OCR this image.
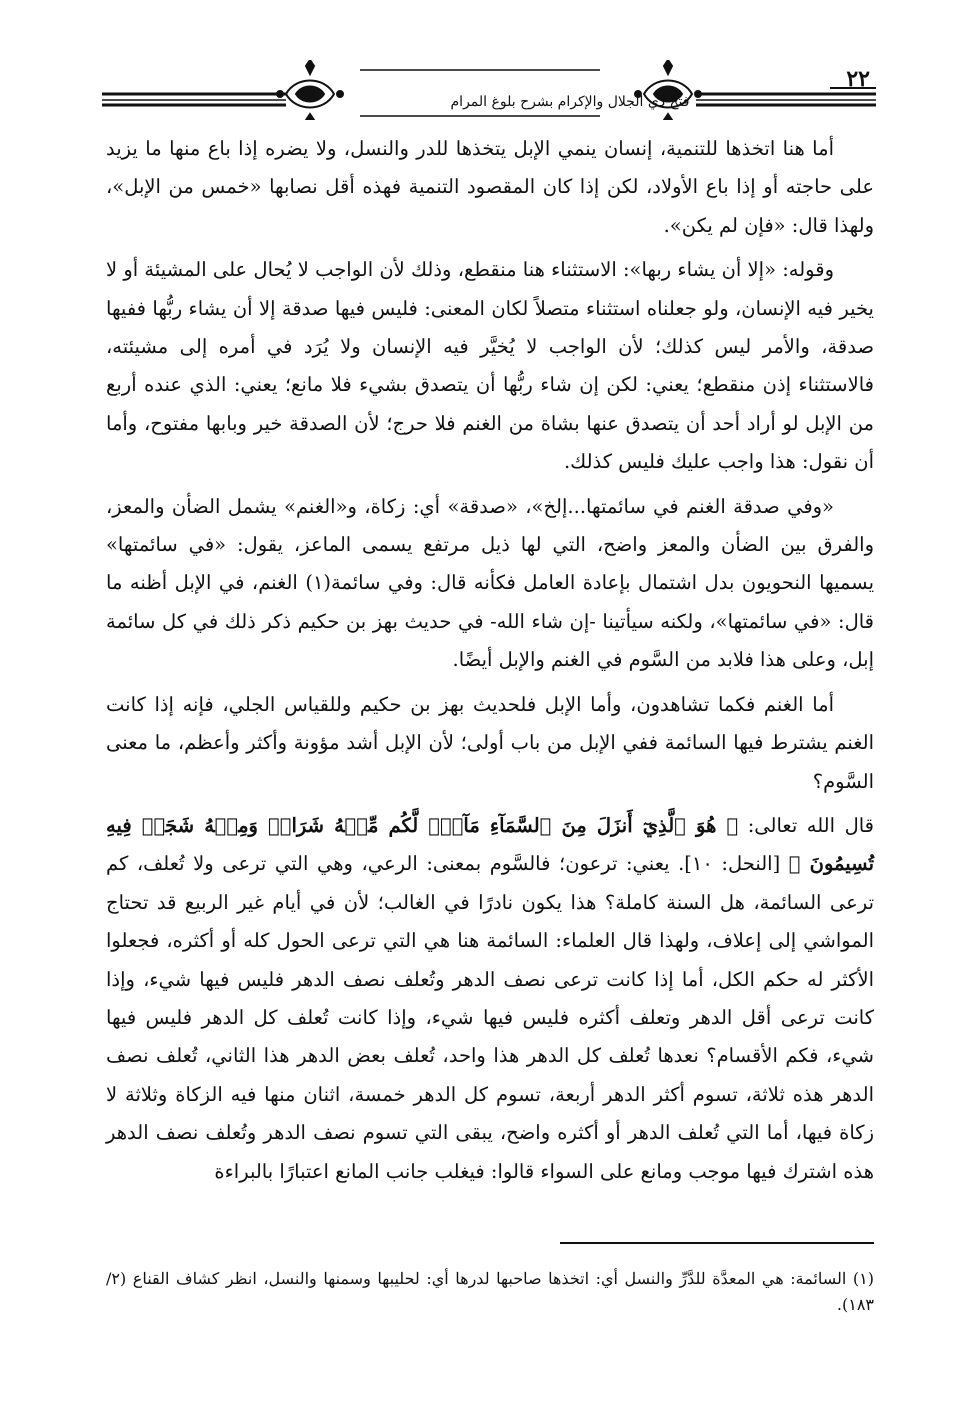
فتح ذي الجلال والإكرام بشرح بلوغ المرام
٢٢

أما هنا اتخذها للتنمية، إنسان ينمي الإبل يتخذها للدر والنسل، ولا يضره إذا باع منها ما يزيد على حاجته أو إذا باع الأولاد، لكن إذا كان المقصود التنمية فهذه أقل نصابها «خمس من الإبل»، ولهذا قال: «فإن لم يكن».

وقوله: «إلا أن يشاء ربها»: الاستثناء هنا منقطع، وذلك لأن الواجب لا يُحال على المشيئة أو لا يخير فيه الإنسان، ولو جعلناه استثناء متصلاً لكان المعنى: فليس فيها صدقة إلا أن يشاء ربُّها ففيها صدقة، والأمر ليس كذلك؛ لأن الواجب لا يُخيَّر فيه الإنسان ولا يُرَد في أمره إلى مشيئته، فالاستثناء إذن منقطع؛ يعني: لكن إن شاء ربُّها أن يتصدق بشيء فلا مانع؛ يعني: الذي عنده أربع من الإبل لو أراد أحد أن يتصدق عنها بشاة من الغنم فلا حرج؛ لأن الصدقة خير وبابها مفتوح، وأما أن نقول: هذا واجب عليك فليس كذلك.

«وفي صدقة الغنم في سائمتها...إلخ»، «صدقة» أي: زكاة، و«الغنم» يشمل الضأن والمعز، والفرق بين الضأن والمعز واضح، التي لها ذيل مرتفع يسمى الماعز، يقول: «في سائمتها» يسميها النحويون بدل اشتمال بإعادة العامل فكأنه قال: وفي سائمة(١) الغنم، في الإبل أظنه ما قال: «في سائمتها»، ولكنه سيأتينا -إن شاء الله- في حديث بهز بن حكيم ذكر ذلك في كل سائمة إبل، وعلى هذا فلابد من السَّوم في الغنم والإبل أيضًا.

أما الغنم فكما تشاهدون، وأما الإبل فلحديث بهز بن حكيم وللقياس الجلي، فإنه إذا كانت الغنم يشترط فيها السائمة ففي الإبل من باب أولى؛ لأن الإبل أشد مؤونة وأكثر وأعظم، ما معنى السَّوم؟

قال الله تعالى: ﴿ هُوَ ٱلَّذِيٓ أَنزَلَ مِنَ ٱلسَّمَآءِ مَآءٗۖ لَّكُم مِّنۡهُ شَرَابٞ وَمِنۡهُ شَجَرٞ فِيهِ تُسِيمُونَ ﴾ [النحل: ١٠]. يعني: ترعون؛ فالسَّوم بمعنى: الرعي، وهي التي ترعى ولا تُعلف، كم ترعى السائمة، هل السنة كاملة؟ هذا يكون نادرًا في الغالب؛ لأن في أيام غير الربيع قد تحتاج المواشي إلى إعلاف، ولهذا قال العلماء: السائمة هنا هي التي ترعى الحول كله أو أكثره، فجعلوا الأكثر له حكم الكل، أما إذا كانت ترعى نصف الدهر وتُعلف نصف الدهر فليس فيها شيء، وإذا كانت ترعى أقل الدهر وتعلف أكثره فليس فيها شيء، وإذا كانت تُعلف كل الدهر فليس فيها شيء، فكم الأقسام؟ نعدها تُعلف كل الدهر هذا واحد، تُعلف بعض الدهر هذا الثاني، تُعلف نصف الدهر هذه ثلاثة، تسوم أكثر الدهر أربعة، تسوم كل الدهر خمسة، اثنان منها فيه الزكاة وثلاثة لا زكاة فيها، أما التي تُعلف الدهر أو أكثره واضح، يبقى التي تسوم نصف الدهر وتُعلف نصف الدهر هذه اشترك فيها موجب ومانع على السواء قالوا: فيغلب جانب المانع اعتبارًا بالبراءة

(١) السائمة: هي المعدَّة للدَّرِّ والنسل أي: اتخذها صاحبها لدرها أي: لحليبها وسمنها والنسل، انظر كشاف القناع (٢/ ١٨٣).
